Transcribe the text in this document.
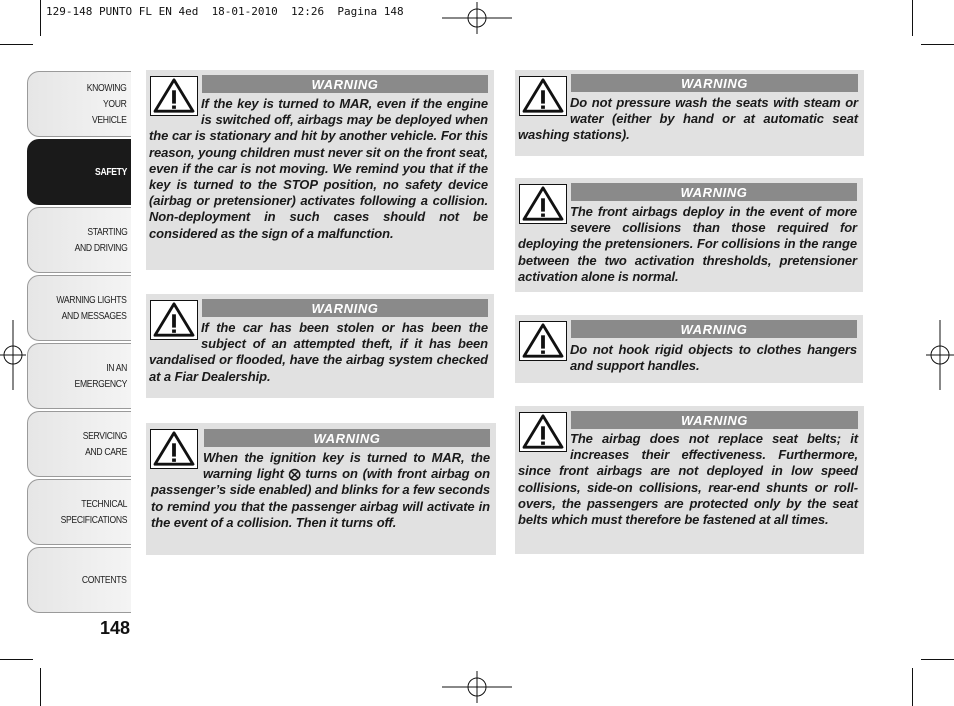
129-148 PUNTO FL EN 4ed  18-01-2010  12:26  Pagina 148
KNOWING
YOUR
VEHICLE
SAFETY
STARTING
AND DRIVING
WARNING LIGHTS
AND MESSAGES
IN AN
EMERGENCY
SERVICING
AND CARE
TECHNICAL
SPECIFICATIONS
CONTENTS
148
WARNING

If the key is turned to MAR, even if the engine is switched off, airbags may be deployed when the car is stationary and hit by another vehicle. For this reason, young children must never sit on the front seat, even if the car is not moving. We remind you that if the key is turned to the STOP position, no safety device (airbag or pretensioner) activates following a collision. Non-deployment in such cases should not be considered as the sign of a malfunction.

WARNING

If the car has been stolen or has been the subject of an attempted theft, if it has been vandalised or flooded, have the airbag system checked at a Fiar Dealership.

WARNING

When the ignition key is turned to MAR, the warning light ⨂ turns on (with front airbag on passenger’s side enabled) and blinks for a few seconds to remind you that the passenger airbag will activate in the event of a collision. Then it turns off.

WARNING

Do not pressure wash the seats with steam or water (either by hand or at automatic seat washing stations).

WARNING

The front airbags deploy in the event of more severe collisions than those required for deploying the pretensioners. For collisions in the range between the two activation thresholds, pretensioner activation alone is normal.

WARNING

Do not hook rigid objects to clothes hangers and support handles.

WARNING

The airbag does not replace seat belts; it increases their effectiveness. Furthermore, since front airbags are not deployed in low speed collisions, side-on collisions, rear-end shunts or roll-overs, the passengers are protected only by the seat belts which must therefore be fastened at all times.
